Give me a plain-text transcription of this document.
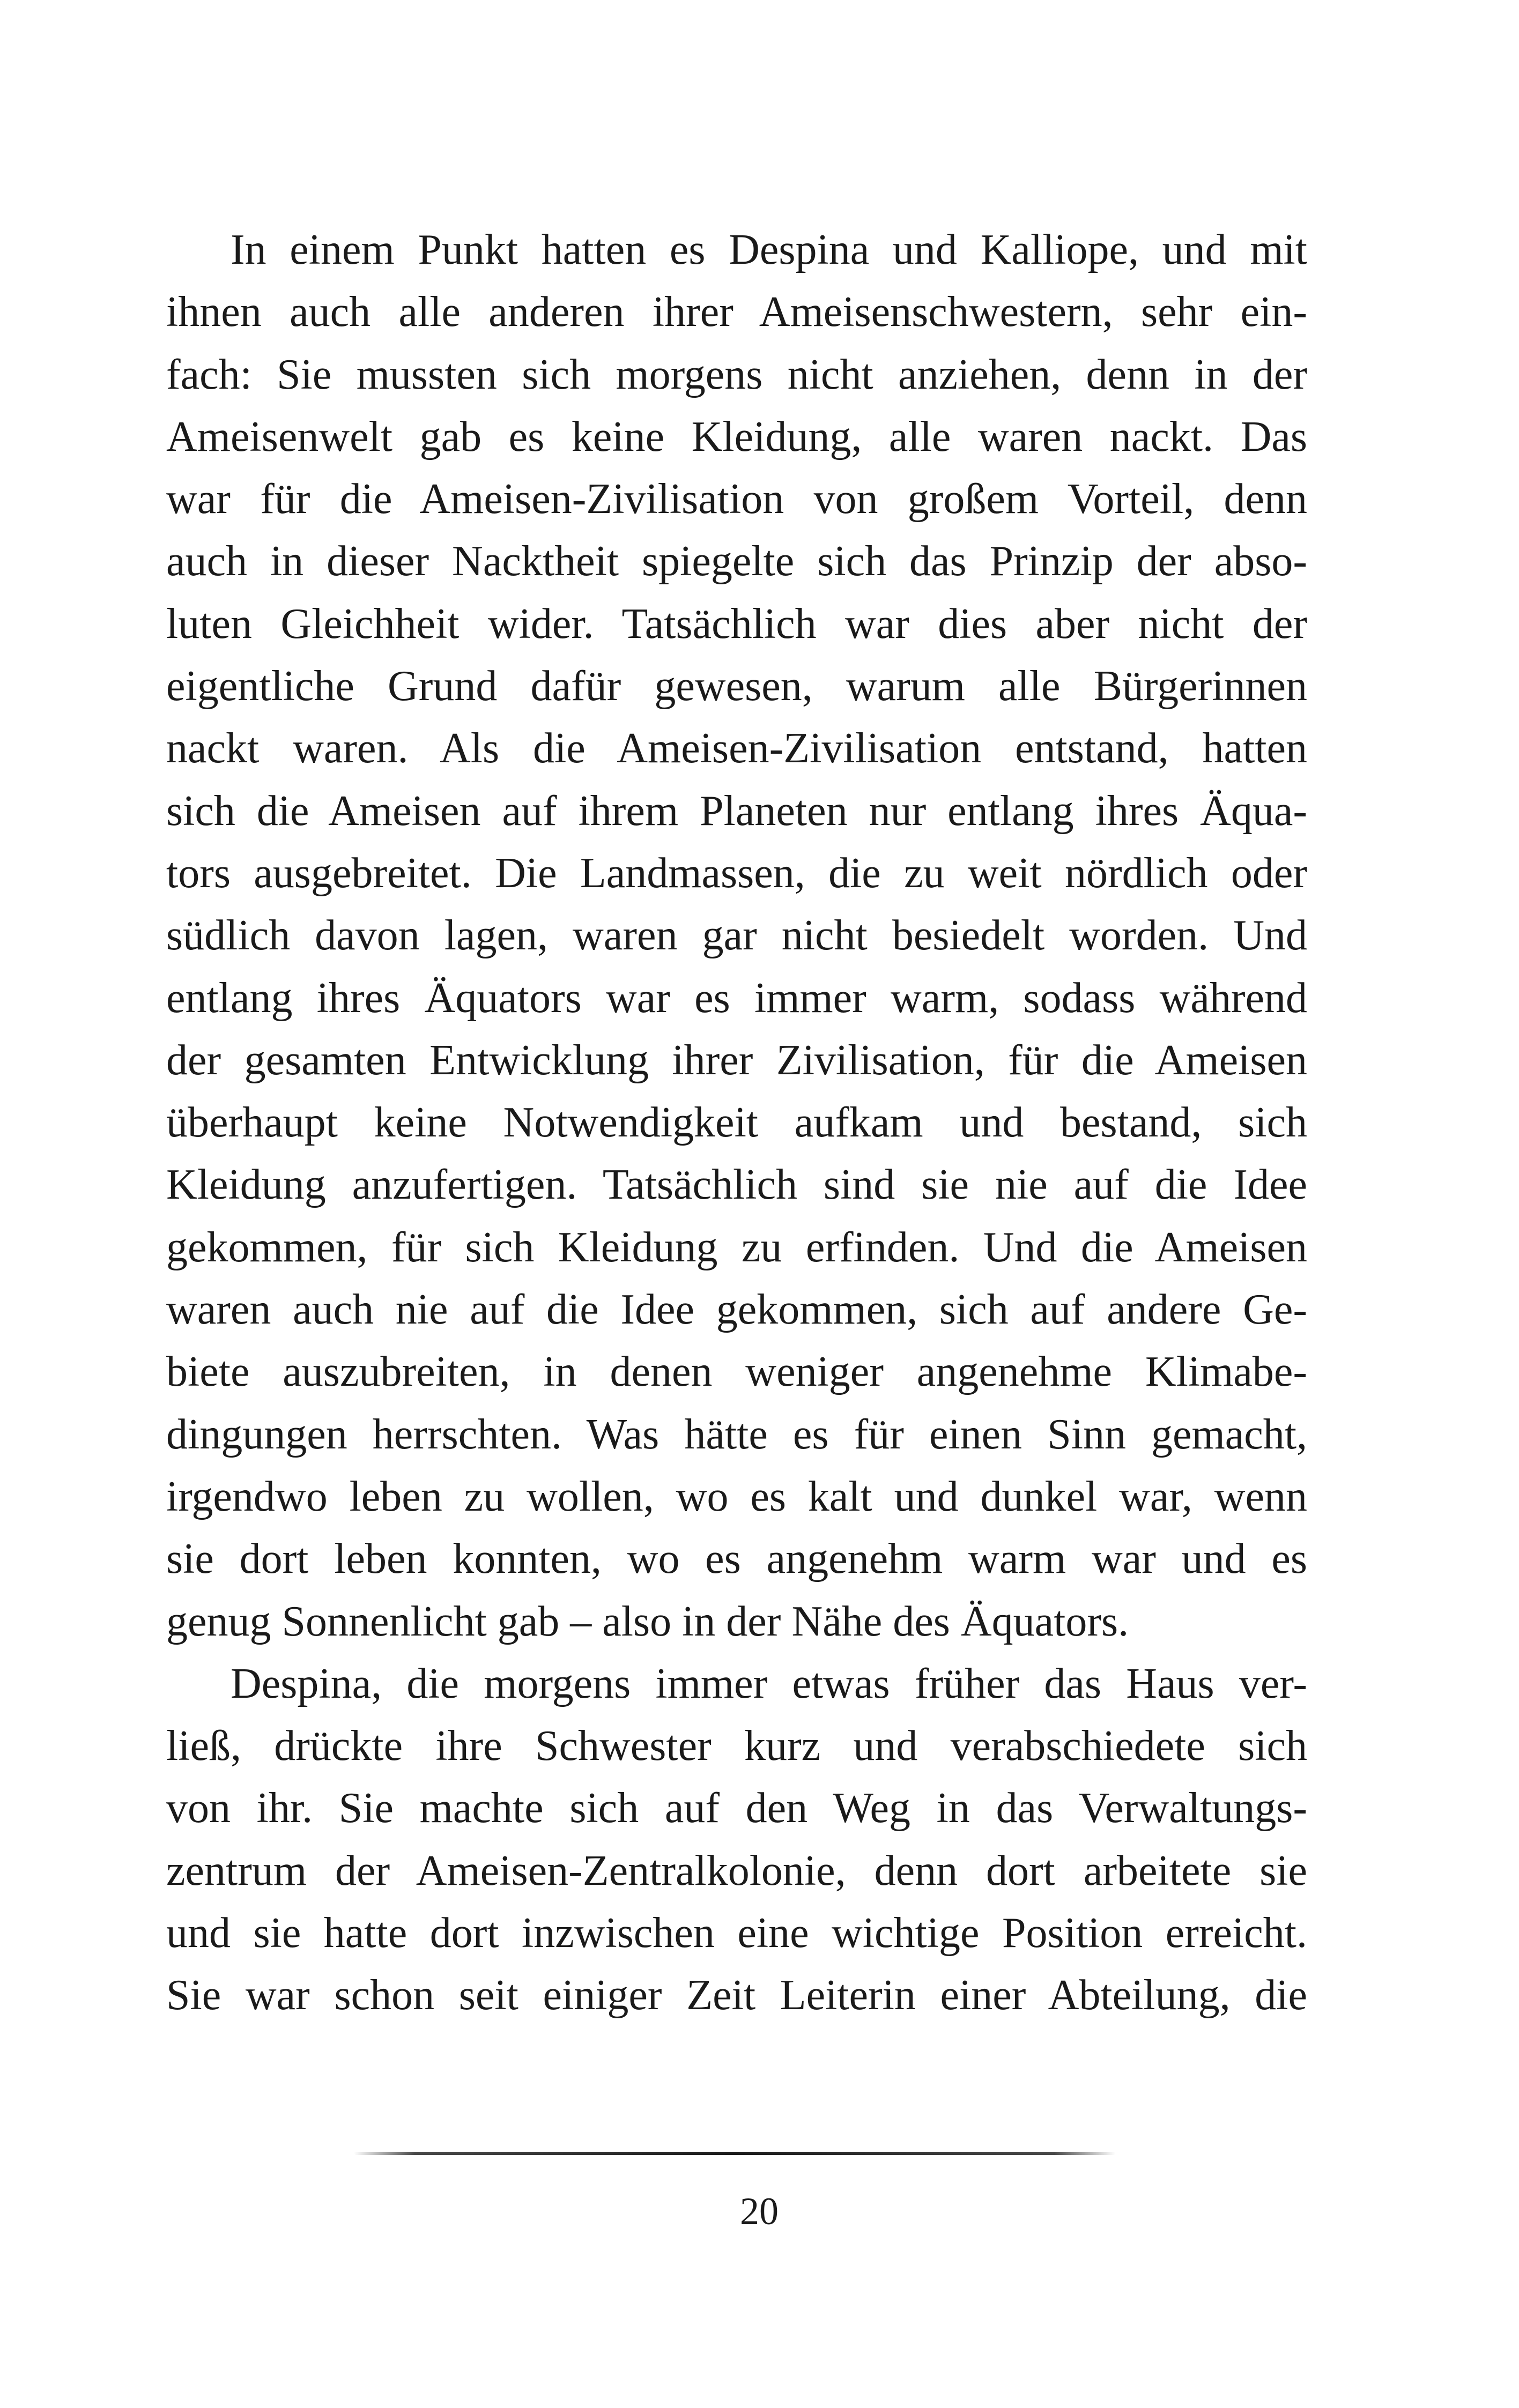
In einem Punkt hatten es Despina und Kalliope, und mit
ihnen auch alle anderen ihrer Ameisenschwestern, sehr ein-
fach: Sie mussten sich morgens nicht anziehen, denn in der
Ameisenwelt gab es keine Kleidung, alle waren nackt. Das
war für die Ameisen-Zivilisation von großem Vorteil, denn
auch in dieser Nacktheit spiegelte sich das Prinzip der abso-
luten Gleichheit wider. Tatsächlich war dies aber nicht der
eigentliche Grund dafür gewesen, warum alle Bürgerinnen
nackt waren. Als die Ameisen-Zivilisation entstand, hatten
sich die Ameisen auf ihrem Planeten nur entlang ihres Äqua-
tors ausgebreitet. Die Landmassen, die zu weit nördlich oder
südlich davon lagen, waren gar nicht besiedelt worden. Und
entlang ihres Äquators war es immer warm, sodass während
der gesamten Entwicklung ihrer Zivilisation, für die Ameisen
überhaupt keine Notwendigkeit aufkam und bestand, sich
Kleidung anzufertigen. Tatsächlich sind sie nie auf die Idee
gekommen, für sich Kleidung zu erfinden. Und die Ameisen
waren auch nie auf die Idee gekommen, sich auf andere Ge-
biete auszubreiten, in denen weniger angenehme Klimabe-
dingungen herrschten. Was hätte es für einen Sinn gemacht,
irgendwo leben zu wollen, wo es kalt und dunkel war, wenn
sie dort leben konnten, wo es angenehm warm war und es
genug Sonnenlicht gab – also in der Nähe des Äquators.

Despina, die morgens immer etwas früher das Haus ver-
ließ, drückte ihre Schwester kurz und verabschiedete sich
von ihr. Sie machte sich auf den Weg in das Verwaltungs-
zentrum der Ameisen-Zentralkolonie, denn dort arbeitete sie
und sie hatte dort inzwischen eine wichtige Position erreicht.
Sie war schon seit einiger Zeit Leiterin einer Abteilung, die

20
